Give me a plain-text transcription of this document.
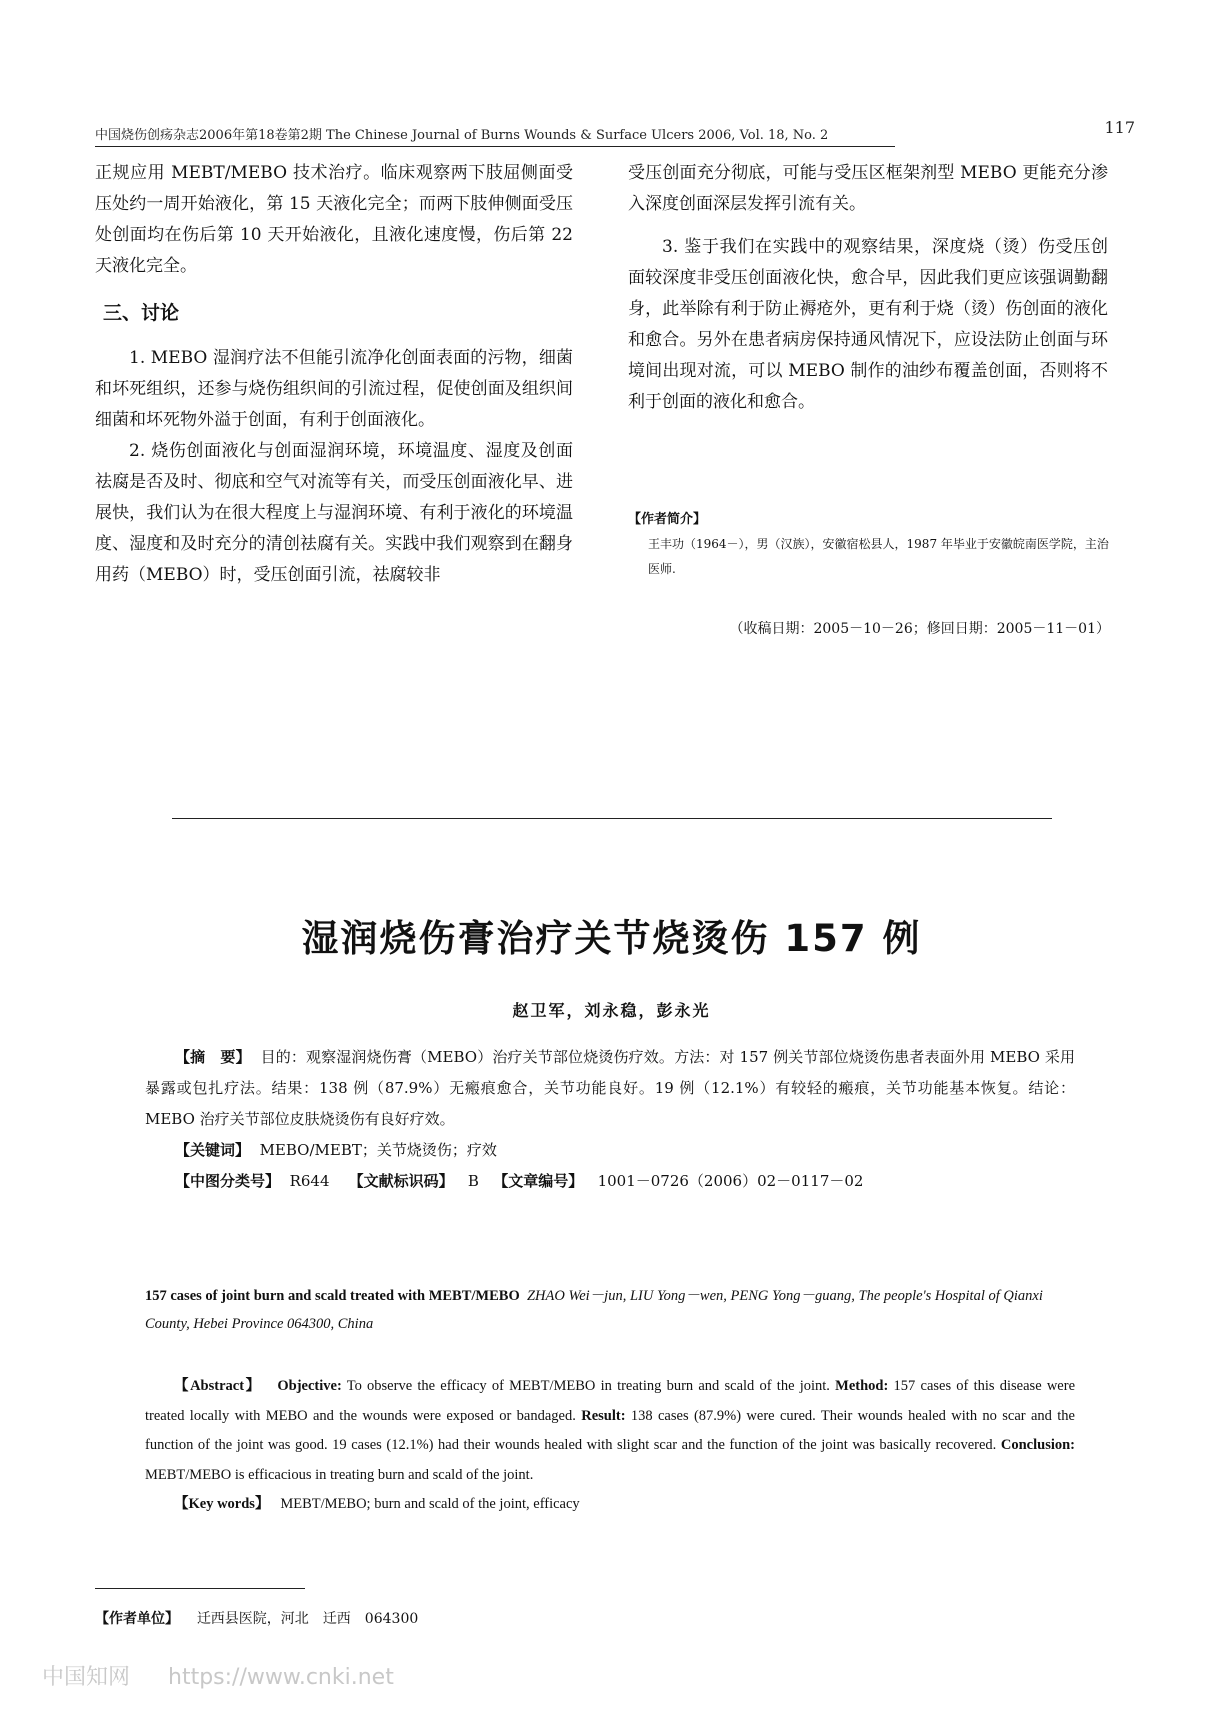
中国烧伤创疡杂志2006年第18卷第2期 The Chinese Journal of Burns Wounds & Surface Ulcers 2006, Vol. 18, No. 2	117

正规应用 MEBT/MEBO 技术治疗。临床观察两下肢屈侧面受压处约一周开始液化，第 15 天液化完全；而两下肢伸侧面受压处创面均在伤后第 10 天开始液化，且液化速度慢，伤后第 22 天液化完全。

三、讨论

1. MEBO 湿润疗法不但能引流净化创面表面的污物，细菌和坏死组织，还参与烧伤组织间的引流过程，促使创面及组织间细菌和坏死物外溢于创面，有利于创面液化。

2. 烧伤创面液化与创面湿润环境，环境温度、湿度及创面祛腐是否及时、彻底和空气对流等有关，而受压创面液化早、进展快，我们认为在很大程度上与湿润环境、有利于液化的环境温度、湿度和及时充分的清创祛腐有关。实践中我们观察到在翻身用药（MEBO）时，受压创面引流，祛腐较非

受压创面充分彻底，可能与受压区框架剂型 MEBO 更能充分渗入深度创面深层发挥引流有关。

3. 鉴于我们在实践中的观察结果，深度烧（烫）伤受压创面较深度非受压创面液化快，愈合早，因此我们更应该强调勤翻身，此举除有利于防止褥疮外，更有利于烧（烫）伤创面的液化和愈合。另外在患者病房保持通风情况下，应设法防止创面与环境间出现对流，可以 MEBO 制作的油纱布覆盖创面，否则将不利于创面的液化和愈合。

【作者简介】
王丰功（1964－），男（汉族），安徽宿松县人，1987 年毕业于安徽皖南医学院，主治医师.
（收稿日期：2005－10－26；修回日期：2005－11－01）
湿润烧伤膏治疗关节烧烫伤 157 例
赵卫军，刘永稳，彭永光
【摘　要】 目的：观察湿润烧伤膏（MEBO）治疗关节部位烧烫伤疗效。方法：对 157 例关节部位烧烫伤患者表面外用 MEBO 采用暴露或包扎疗法。结果：138 例（87.9%）无瘢痕愈合，关节功能良好。19 例（12.1%）有较轻的瘢痕，关节功能基本恢复。结论：MEBO 治疗关节部位皮肤烧烫伤有良好疗效。
【关键词】 MEBO/MEBT；关节烧烫伤；疗效
【中图分类号】 R644 【文献标识码】 B 【文章编号】 1001－0726（2006）02－0117－02
157 cases of joint burn and scald treated with MEBT/MEBO ZHAO Wei－jun, LIU Yong－wen, PENG Yong－guang, The people's Hospital of Qianxi County, Hebei Province 064300, China
【Abstract】 Objective: To observe the efficacy of MEBT/MEBO in treating burn and scald of the joint. Method: 157 cases of this disease were treated locally with MEBO and the wounds were exposed or bandaged. Result: 138 cases (87.9%) were cured. Their wounds healed with no scar and the function of the joint was good. 19 cases (12.1%) had their wounds healed with slight scar and the function of the joint was basically recovered. Conclusion: MEBT/MEBO is efficacious in treating burn and scald of the joint.
【Key words】 MEBT/MEBO; burn and scald of the joint, efficacy
【作者单位】 迁西县医院，河北　迁西　064300
中国知网 https://www.cnki.net
